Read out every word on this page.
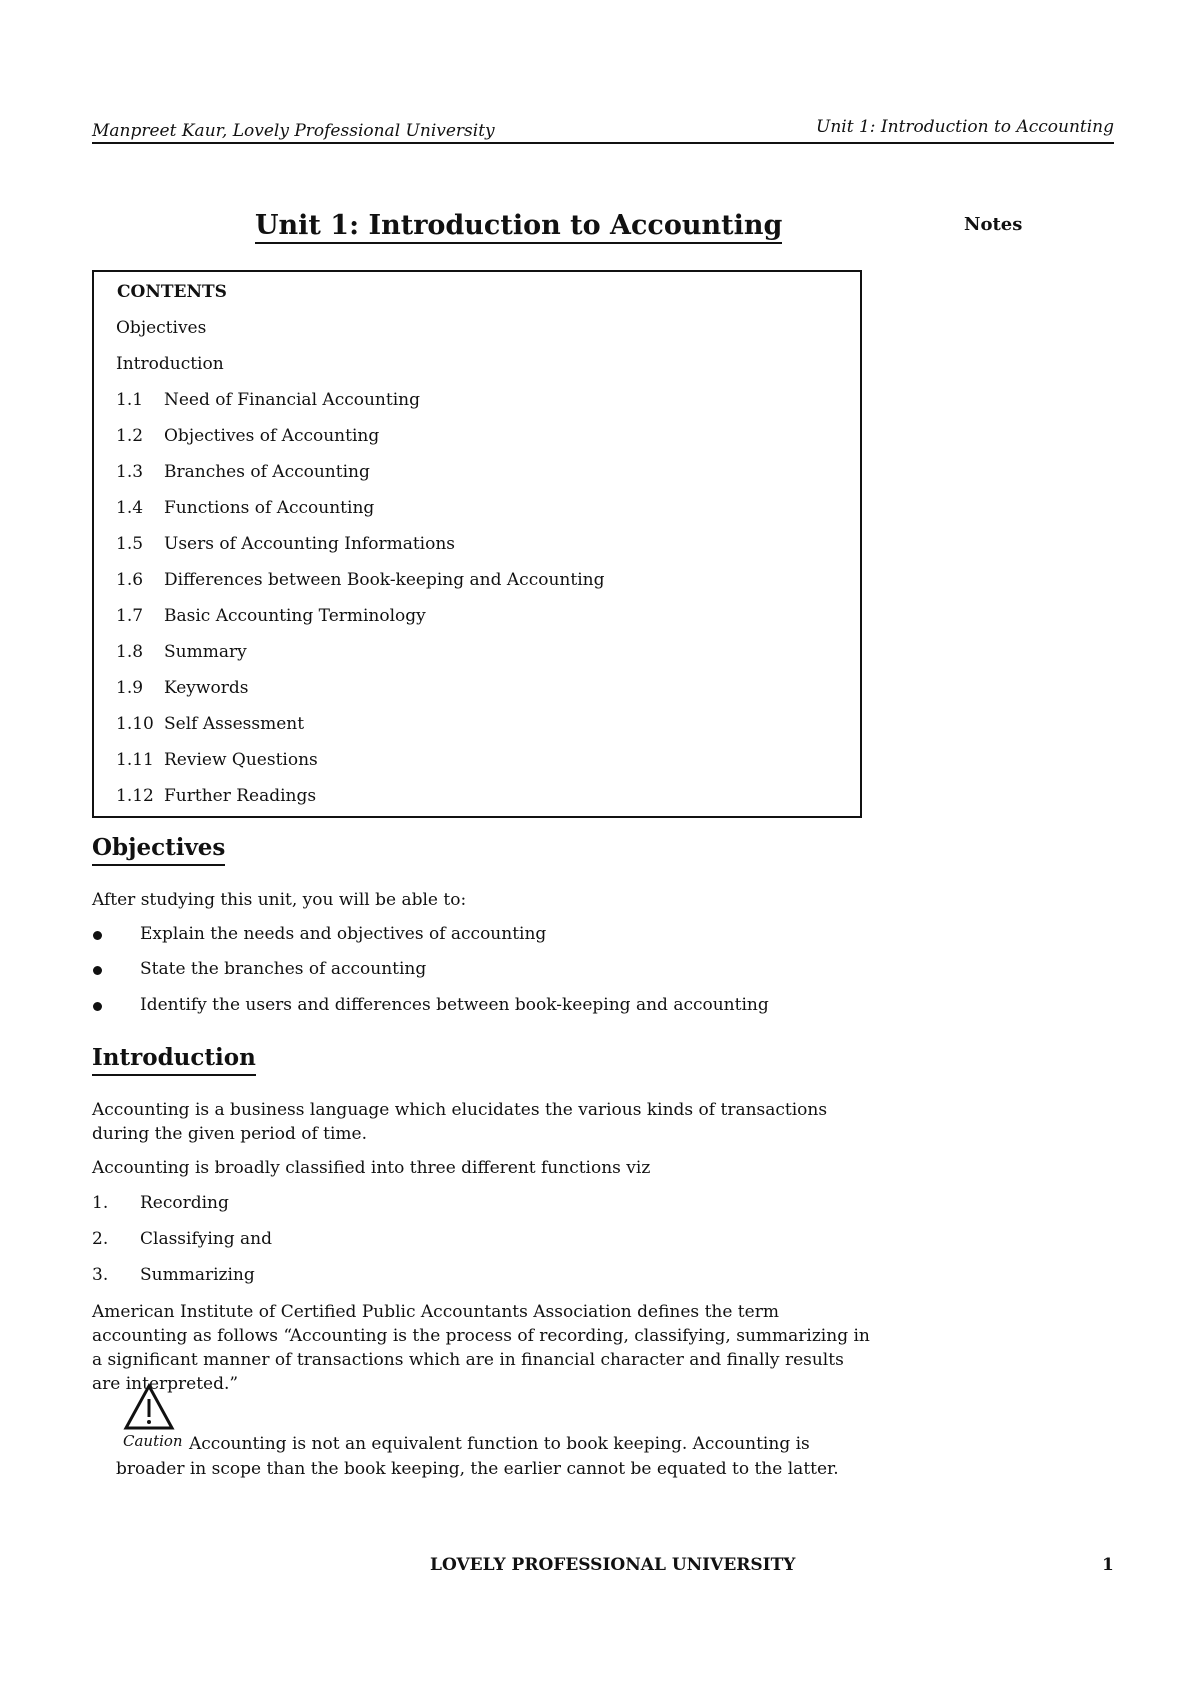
Manpreet Kaur, Lovely Professional University	Unit 1: Introduction to Accounting
Unit 1: Introduction to Accounting	Notes
CONTENTS
Objectives
Introduction
1.1 Need of Financial Accounting
1.2 Objectives of Accounting
1.3 Branches of Accounting
1.4 Functions of Accounting
1.5 Users of Accounting Informations
1.6 Differences between Book-keeping and Accounting
1.7 Basic Accounting Terminology
1.8 Summary
1.9 Keywords
1.10 Self Assessment
1.11 Review Questions
1.12 Further Readings
Objectives
After studying this unit, you will be able to:
Explain the needs and objectives of accounting
State the branches of accounting
Identify the users and differences between book-keeping and accounting
Introduction
Accounting is a business language which elucidates the various kinds of transactions during the given period of time.
Accounting is broadly classified into three different functions viz
1. Recording
2. Classifying and
3. Summarizing
American Institute of Certified Public Accountants Association defines the term accounting as follows “Accounting is the process of recording, classifying, summarizing in a significant manner of transactions which are in financial character and finally results are interpreted.”
Caution Accounting is not an equivalent function to book keeping. Accounting is broader in scope than the book keeping, the earlier cannot be equated to the latter.
LOVELY PROFESSIONAL UNIVERSITY	1
